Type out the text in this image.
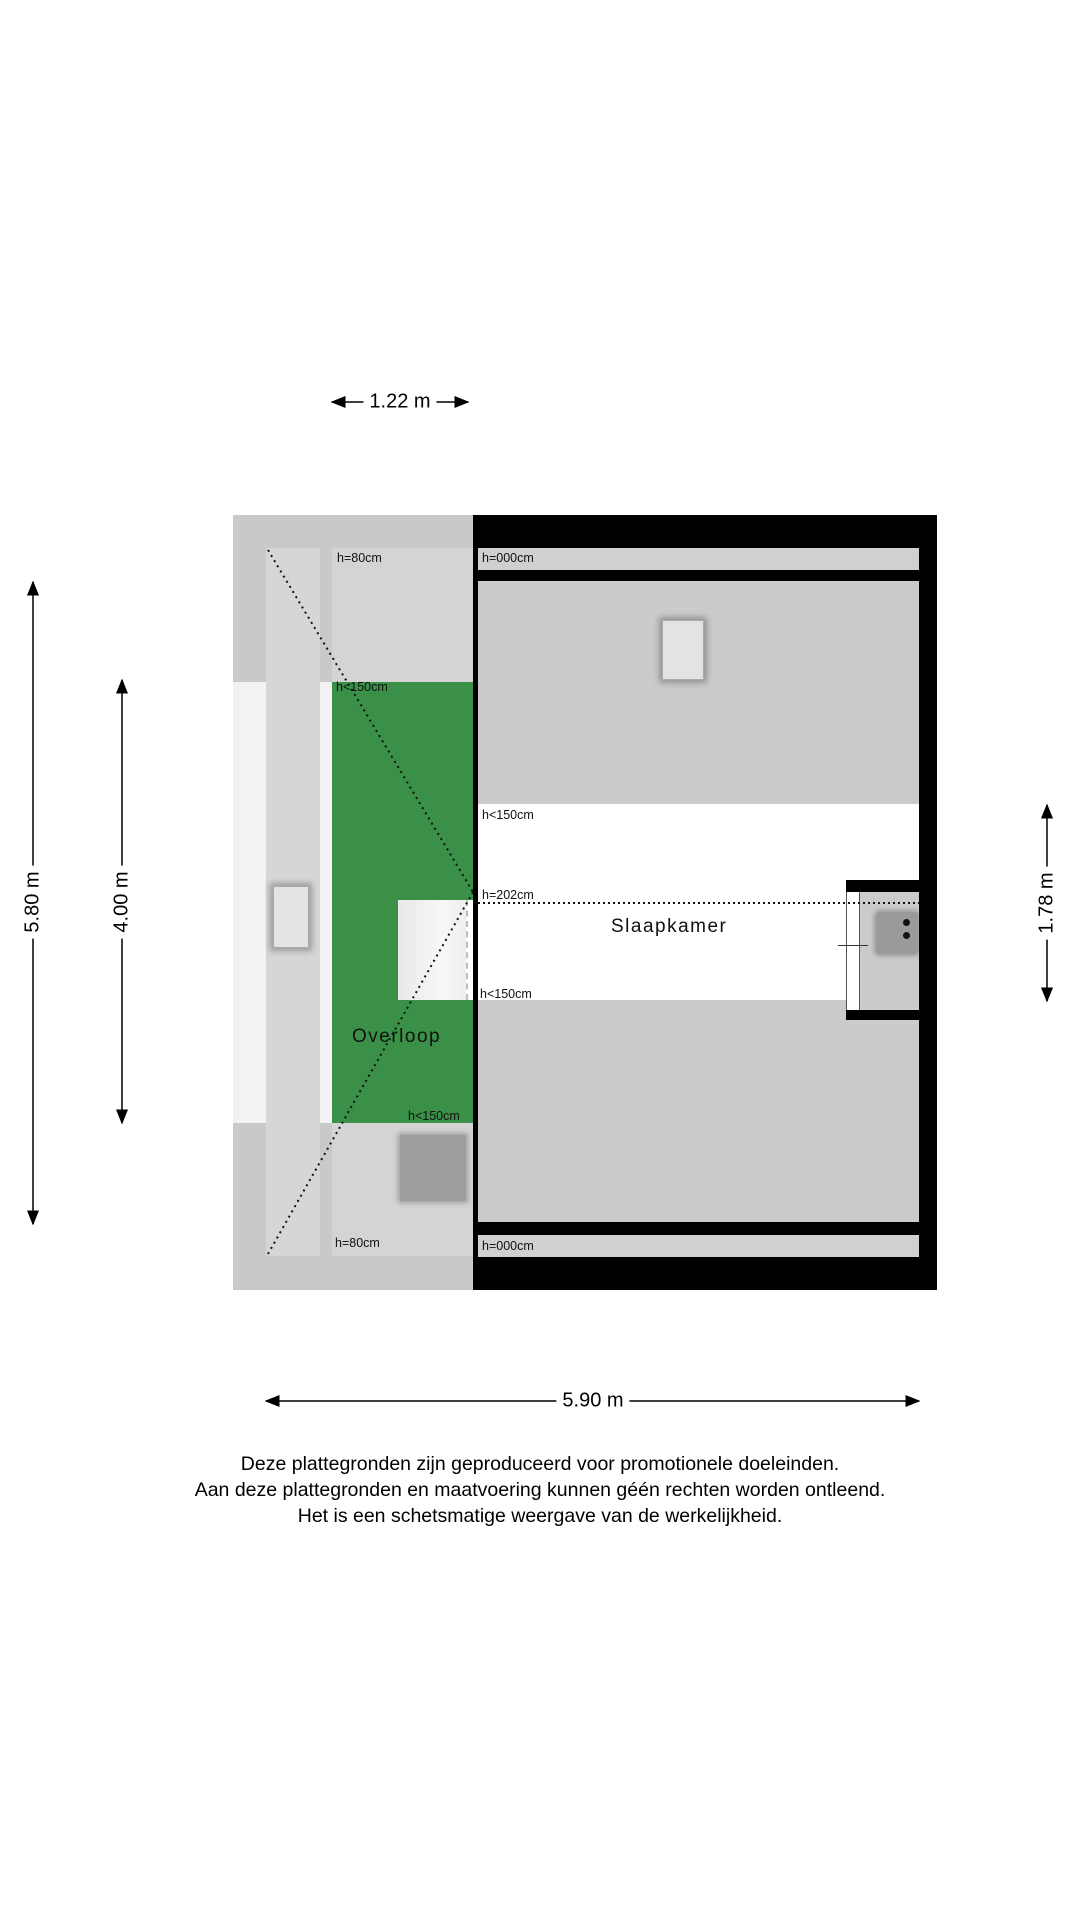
h=80cm	h=000cm
h<150cm
h<150cm
h=202cm
h<150cm
h<150cm
h=80cm	h=000cm
Overloop
Slaapkamer
1.22 m
5.80 m	4.00 m	1.78 m
5.90 m
Deze plattegronden zijn geproduceerd voor promotionele doeleinden.
Aan deze plattegronden en maatvoering kunnen géén rechten worden ontleend.
Het is een schetsmatige weergave van de werkelijkheid.
